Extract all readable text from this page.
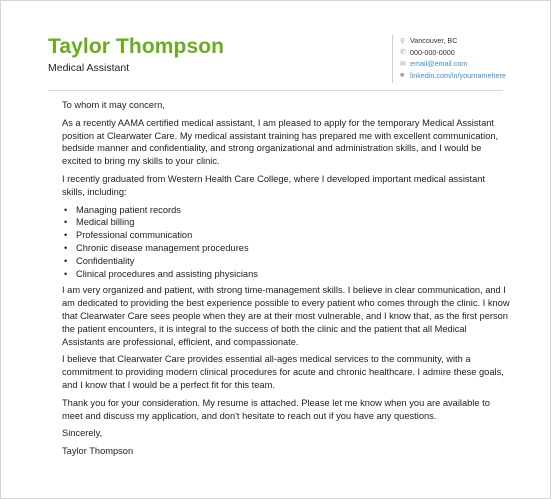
Taylor Thompson
Medical Assistant
⚲ Vancouver, BC
✆ 000-000-0000
✉ email@email.com
■ linkedin.com/in/yournamehere

To whom it may concern,

As a recently AAMA certified medical assistant, I am pleased to apply for the temporary Medical Assistant position at Clearwater Care. My medical assistant training has prepared me with excellent communication, bedside manner and confidentiality, and strong organizational and administration skills, and I would be excited to bring my skills to your clinic.

I recently graduated from Western Health Care College, where I developed important medical assistant skills, including:

• Managing patient records
• Medical billing
• Professional communication
• Chronic disease management procedures
• Confidentiality
• Clinical procedures and assisting physicians

I am very organized and patient, with strong time-management skills. I believe in clear communication, and I am dedicated to providing the best experience possible to every patient who comes through the clinic. I know that Clearwater Care sees people when they are at their most vulnerable, and I know that, as the first person the patient encounters, it is integral to the success of both the clinic and the patient that all Medical Assistants are professional, efficient, and compassionate.

I believe that Clearwater Care provides essential all-ages medical services to the community, with a commitment to providing modern clinical procedures for acute and chronic healthcare. I admire these goals, and I know that I would be a perfect fit for this team.

Thank you for your consideration. My resume is attached. Please let me know when you are available to meet and discuss my application, and don't hesitate to reach out if you have any questions.

Sincerely,

Taylor Thompson
